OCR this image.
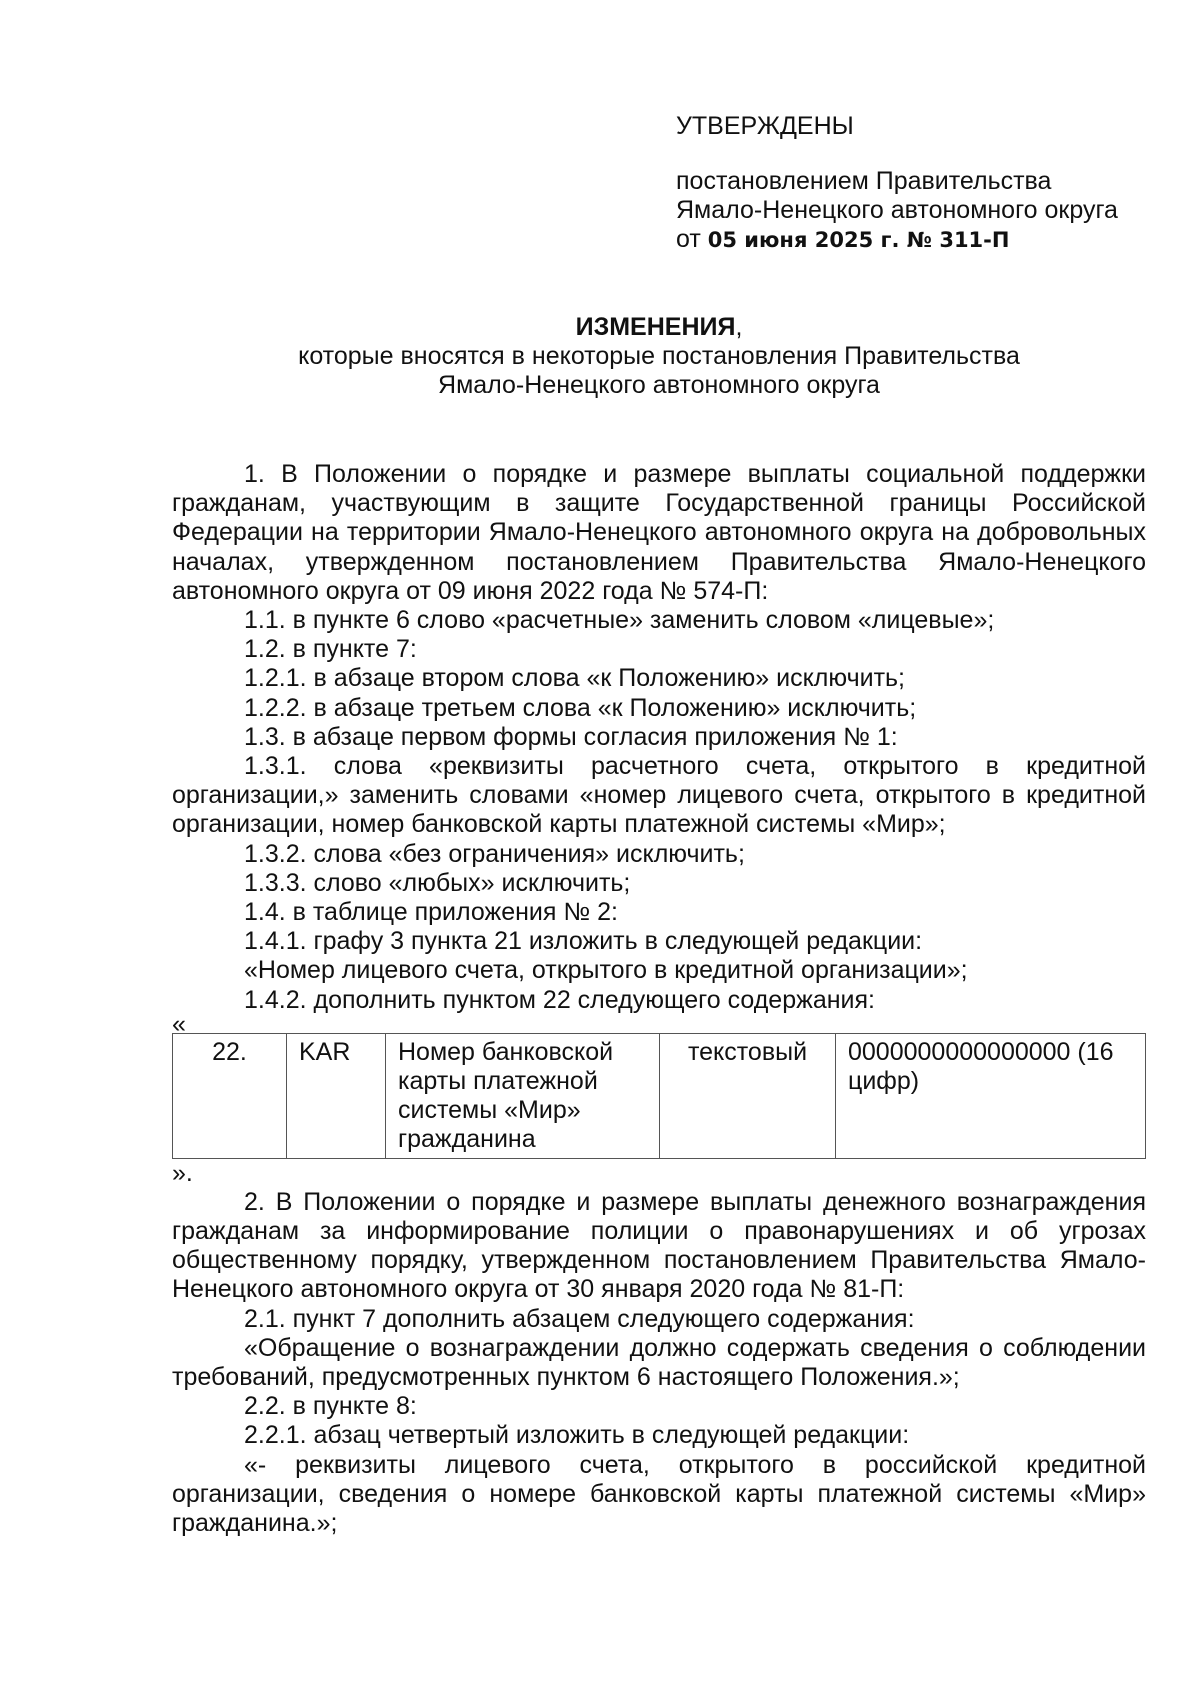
УТВЕРЖДЕНЫ
постановлением Правительства
Ямало-Ненецкого автономного округа
от 05 июня 2025 г. № 311-П
ИЗМЕНЕНИЯ,
которые вносятся в некоторые постановления Правительства
Ямало-Ненецкого автономного округа

1. В Положении о порядке и размере выплаты социальной поддержки гражданам, участвующим в защите Государственной границы Российской Федерации на территории Ямало-Ненецкого автономного округа на добровольных началах, утвержденном постановлением Правительства Ямало-Ненецкого автономного округа от 09 июня 2022 года № 574-П:

1.1. в пункте 6 слово «расчетные» заменить словом «лицевые»;

1.2. в пункте 7:

1.2.1. в абзаце втором слова «к Положению» исключить;

1.2.2. в абзаце третьем слова «к Положению» исключить;

1.3. в абзаце первом формы согласия приложения № 1:

1.3.1. слова «реквизиты расчетного счета, открытого в кредитной организации,» заменить словами «номер лицевого счета, открытого в кредитной организации, номер банковской карты платежной системы «Мир»;

1.3.2. слова «без ограничения» исключить;

1.3.3. слово «любых» исключить;

1.4. в таблице приложения № 2:

1.4.1. графу 3 пункта 21 изложить в следующей редакции:

«Номер лицевого счета, открытого в кредитной организации»;

1.4.2. дополнить пунктом 22 следующего содержания:

«

22.	KAR	Номер банковской карты платежной системы «Мир» гражданина	текстовый	0000000000000000 (16 цифр)

».

2. В Положении о порядке и размере выплаты денежного вознаграждения гражданам за информирование полиции о правонарушениях и об угрозах общественному порядку, утвержденном постановлением Правительства Ямало-Ненецкого автономного округа от 30 января 2020 года № 81-П:

2.1. пункт 7 дополнить абзацем следующего содержания:

«Обращение о вознаграждении должно содержать сведения о соблюдении требований, предусмотренных пунктом 6 настоящего Положения.»;

2.2. в пункте 8:

2.2.1. абзац четвертый изложить в следующей редакции:

«- реквизиты лицевого счета, открытого в российской кредитной организации, сведения о номере банковской карты платежной системы «Мир» гражданина.»;
